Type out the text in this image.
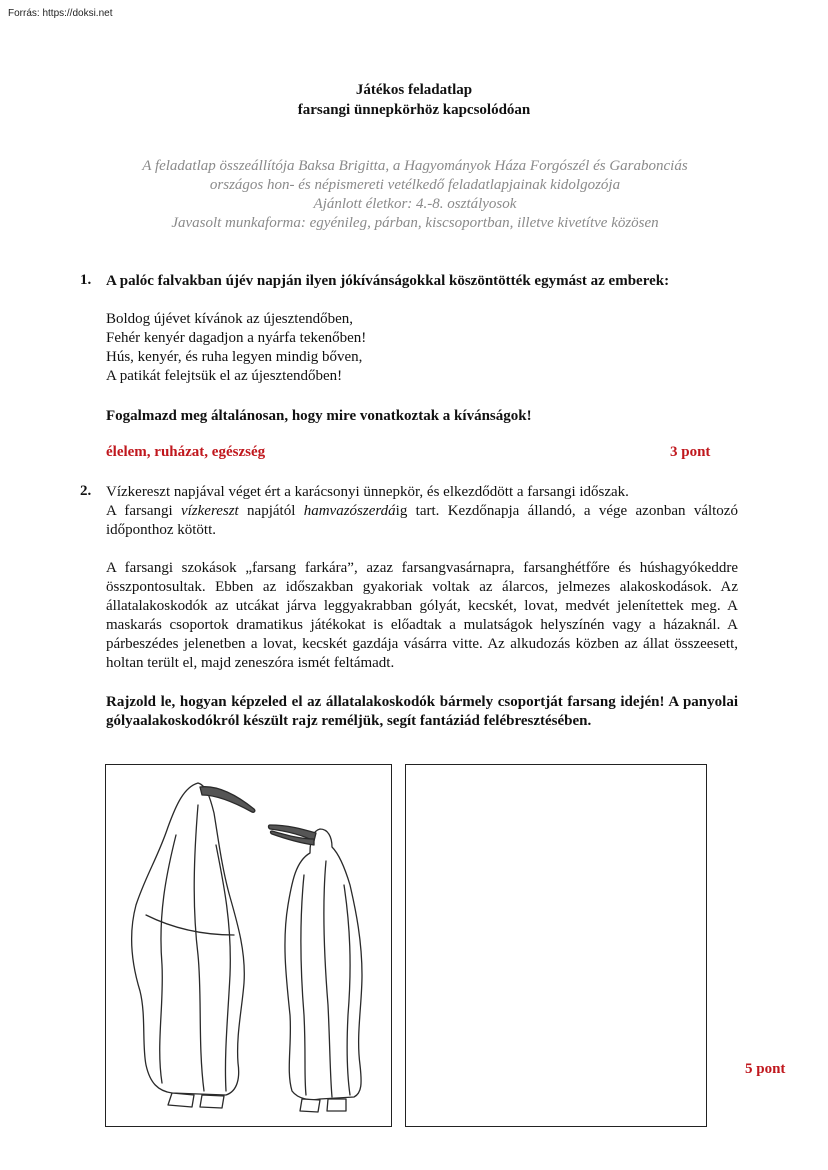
Forrás: https://doksi.net
Játékos feladatlap
farsangi ünnepkörhöz kapcsolódóan
A feladatlap összeállítója Baksa Brigitta, a Hagyományok Háza Forgószél és Garabonciás
országos hon- és népismereti vetélkedő feladatlapjainak kidolgozója
Ajánlott életkor: 4.-8. osztályosok
Javasolt munkaforma: egyénileg, párban, kiscsoportban, illetve kivetítve közösen
1. A palóc falvakban újév napján ilyen jókívánságokkal köszöntötték egymást az emberek:
Boldog újévet kívánok az újesztendőben,
Fehér kenyér dagadjon a nyárfa tekenőben!
Hús, kenyér, és ruha legyen mindig bőven,
A patikát felejtsük el az újesztendőben!
Fogalmazd meg általánosan, hogy mire vonatkoztak a kívánságok!
élelem, ruházat, egészség	3 pont
2. Vízkereszt napjával véget ért a karácsonyi ünnepkör, és elkezdődött a farsangi időszak.
A farsangi vízkereszt napjától hamvazószerdáig tart. Kezdőnapja állandó, a vége azonban változó időponthoz kötött.
A farsangi szokások „farsang farkára”, azaz farsangvasárnapra, farsanghétfőre és húshagyókeddre összpontosultak. Ebben az időszakban gyakoriak voltak az álarcos, jelmezes alakoskodások. Az állatalakoskodók az utcákat járva leggyakrabban gólyát, kecskét, lovat, medvét jelenítettek meg. A maskarás csoportok dramatikus játékokat is előadtak a mulatságok helyszínén vagy a házaknál. A párbeszédes jelenetben a lovat, kecskét gazdája vásárra vitte. Az alkudozás közben az állat összeesett, holtan terült el, majd zeneszóra ismét feltámadt.
Rajzold le, hogyan képzeled el az állatalakoskodók bármely csoportját farsang idején! A panyolai gólyaalakoskodókról készült rajz reméljük, segít fantáziád felébresztésében.
5 pont
